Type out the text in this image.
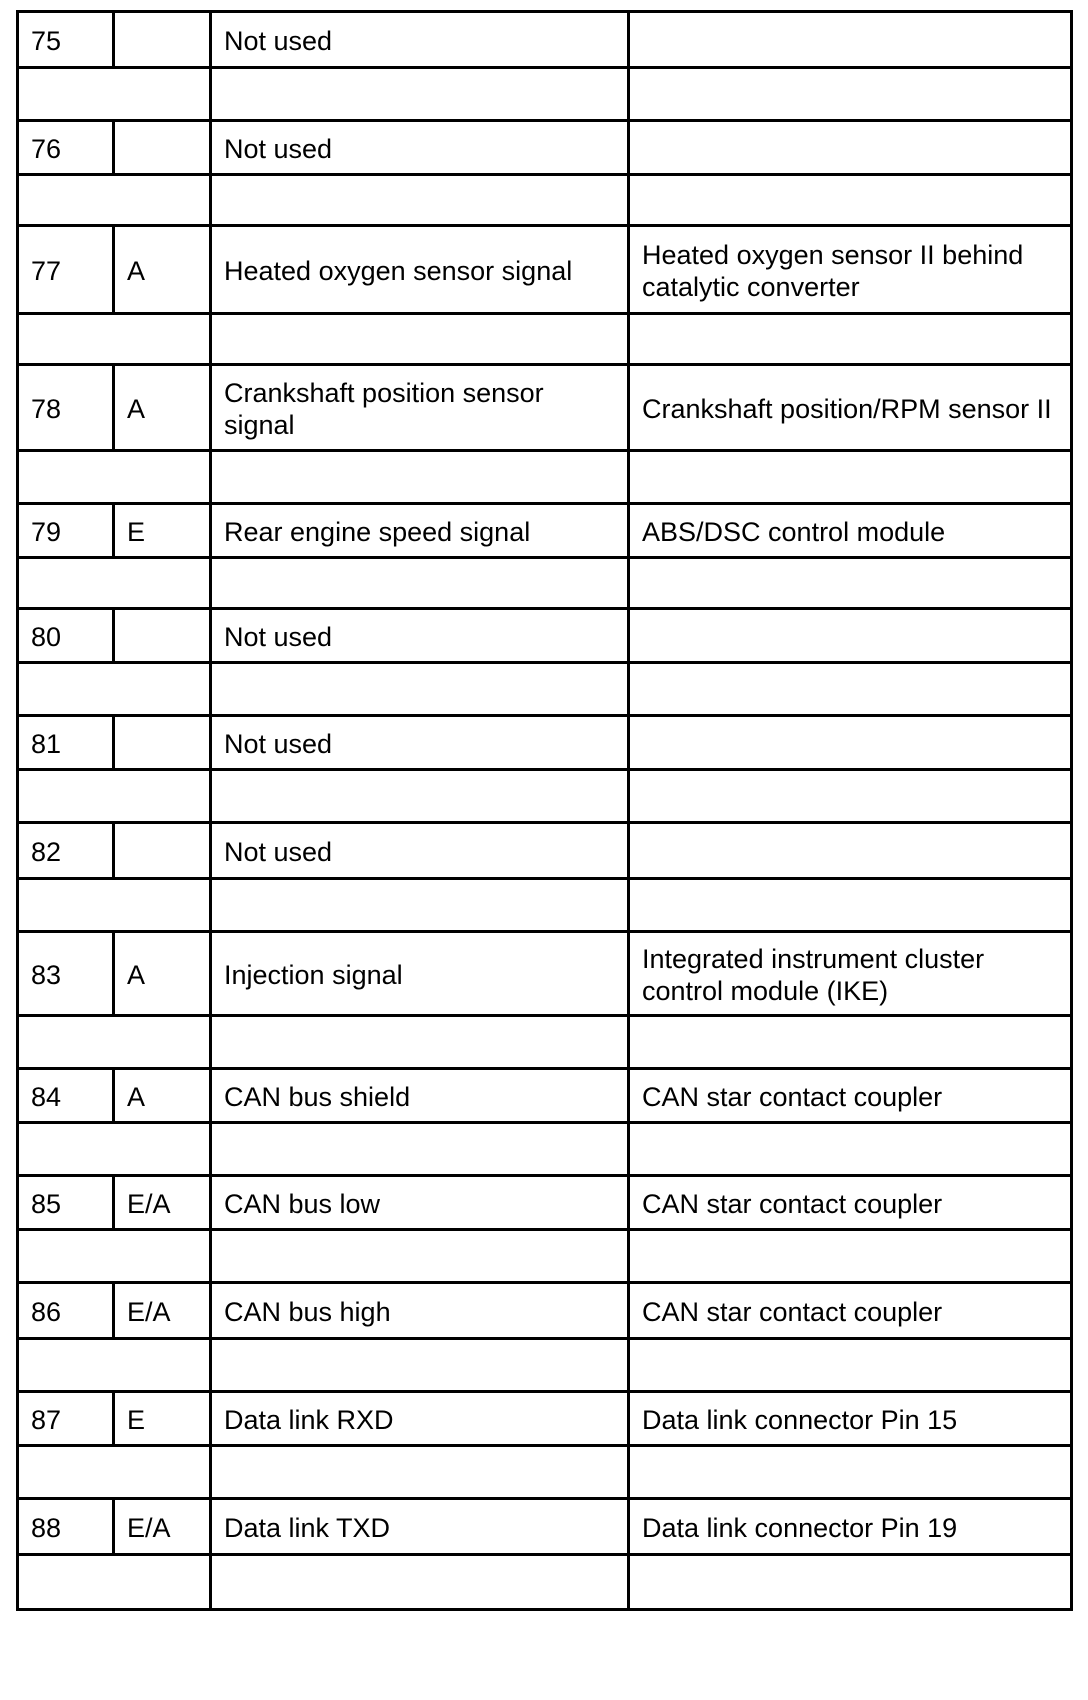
75		Not used	

76		Not used	

77	A	Heated oxygen sensor signal	Heated oxygen sensor II behind catalytic converter

78	A	Crankshaft position sensor signal	Crankshaft position/RPM sensor II

79	E	Rear engine speed signal	ABS/DSC control module

80		Not used	

81		Not used	

82		Not used	

83	A	Injection signal	Integrated instrument cluster control module (IKE)

84	A	CAN bus shield	CAN star contact coupler

85	E/A	CAN bus low	CAN star contact coupler

86	E/A	CAN bus high	CAN star contact coupler

87	E	Data link RXD	Data link connector Pin 15

88	E/A	Data link TXD	Data link connector Pin 19
